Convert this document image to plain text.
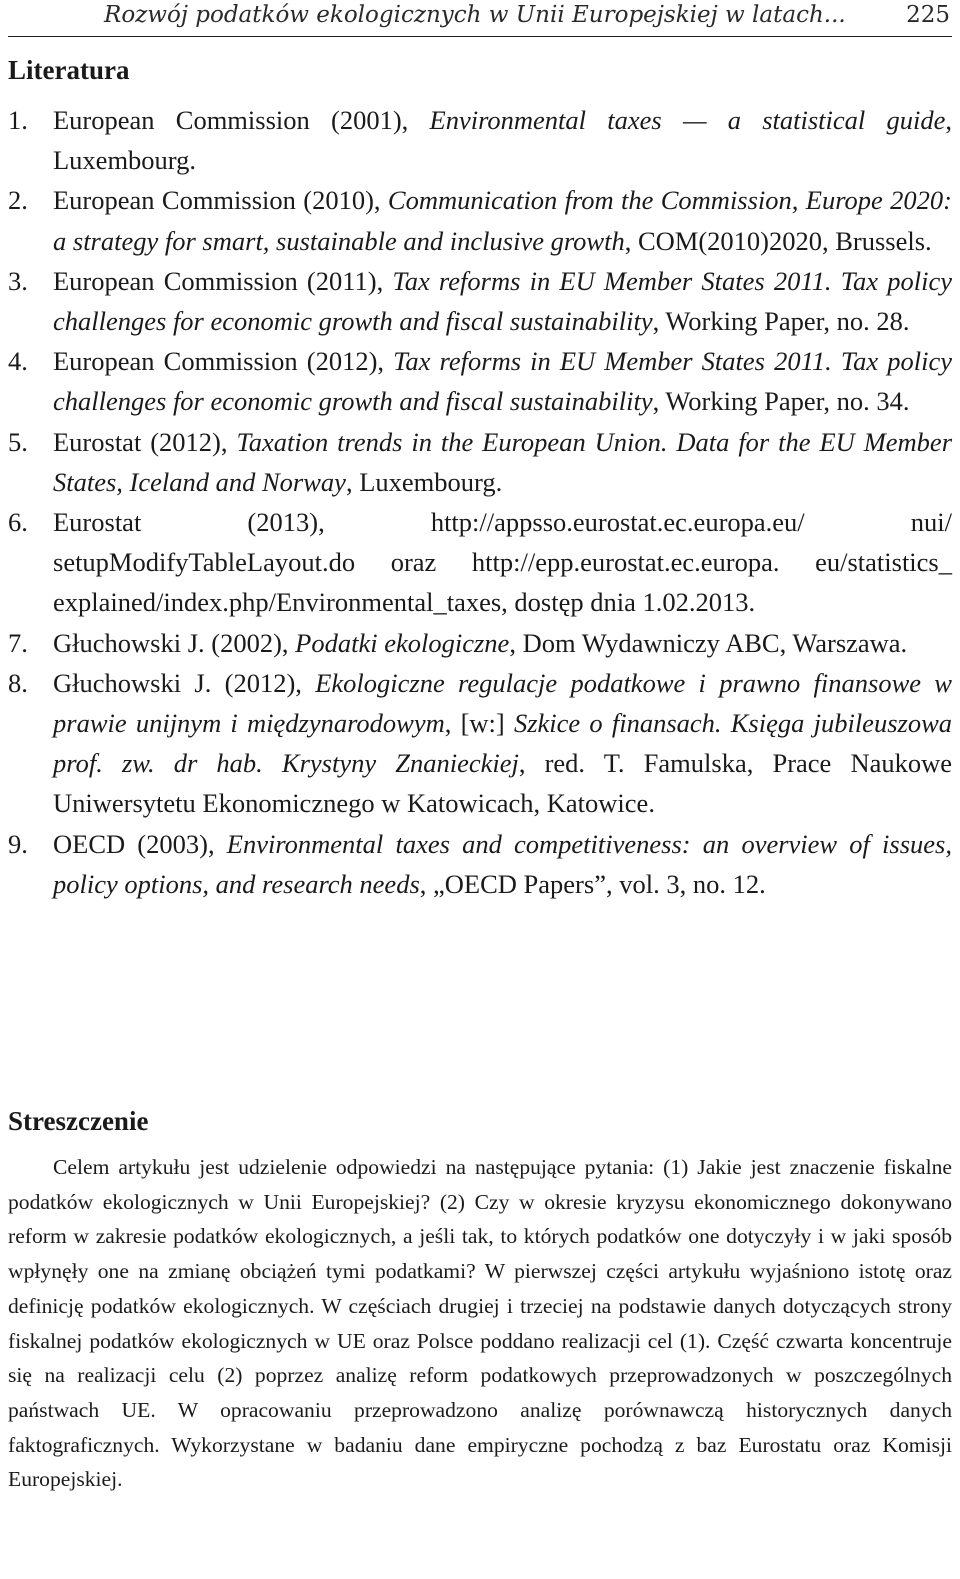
Rozwój podatków ekologicznych w Unii Europejskiej w latach...	225
Literatura
1. European Commission (2001), Environmental taxes — a statistical guide, Luxembourg.
2. European Commission (2010), Communication from the Commission, Europe 2020: a strategy for smart, sustainable and inclusive growth, COM(2010)2020, Brussels.
3. European Commission (2011), Tax reforms in EU Member States 2011. Tax policy challenges for economic growth and fiscal sustainability, Working Paper, no. 28.
4. European Commission (2012), Tax reforms in EU Member States 2011. Tax policy challenges for economic growth and fiscal sustainability, Working Paper, no. 34.
5. Eurostat (2012), Taxation trends in the European Union. Data for the EU Member States, Iceland and Norway, Luxembourg.
6. Eurostat (2013), http://appsso.eurostat.ec.europa.eu/ nui/ setupModifyTableLayout.do oraz http://epp.eurostat.ec.europa. eu/statistics_ explained/index.php/Environmental_taxes, dostęp dnia 1.02.2013.
7. Głuchowski J. (2002), Podatki ekologiczne, Dom Wydawniczy ABC, Warszawa.
8. Głuchowski J. (2012), Ekologiczne regulacje podatkowe i prawno finansowe w prawie unijnym i międzynarodowym, [w:] Szkice o finansach. Księga jubileuszowa prof. zw. dr hab. Krystyny Znanieckiej, red. T. Famulska, Prace Naukowe Uniwersytetu Ekonomicznego w Katowicach, Katowice.
9. OECD (2003), Environmental taxes and competitiveness: an overview of issues, policy options, and research needs, „OECD Papers”, vol. 3, no. 12.
Streszczenie

Celem artykułu jest udzielenie odpowiedzi na następujące pytania: (1) Jakie jest znaczenie fiskalne podatków ekologicznych w Unii Europejskiej? (2) Czy w okresie kryzysu ekonomicznego dokonywano reform w zakresie podatków ekologicznych, a jeśli tak, to których podatków one dotyczyły i w jaki sposób wpłynęły one na zmianę obciążeń tymi podatkami? W pierwszej części artykułu wyjaśniono istotę oraz definicję podatków ekologicznych. W częściach drugiej i trzeciej na podstawie danych dotyczących strony fiskalnej podatków ekologicznych w UE oraz Polsce poddano realizacji cel (1). Część czwarta koncentruje się na realizacji celu (2) poprzez analizę reform podatkowych przeprowadzonych w poszczególnych państwach UE. W opracowaniu przeprowadzono analizę porównawczą historycznych danych faktograficznych. Wykorzystane w badaniu dane empiryczne pochodzą z baz Eurostatu oraz Komisji Europejskiej.
